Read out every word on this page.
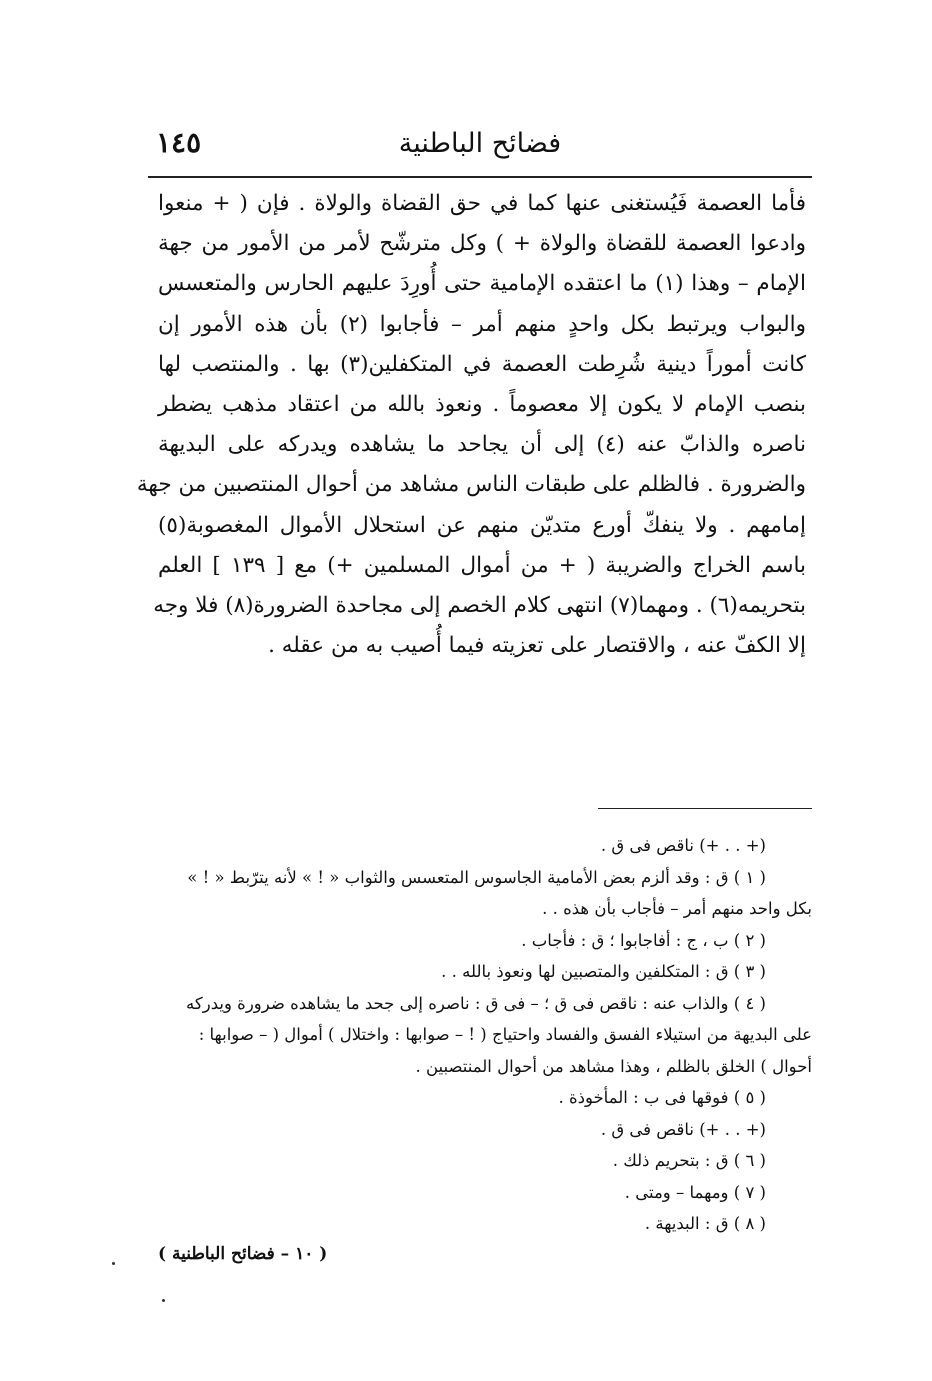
١٤٥	فضائح الباطنية
فأما العصمة فَيُستغنى عنها كما في حق القضاة والولاة . فإن ( + منعوا
وادعوا العصمة للقضاة والولاة + ) وكل مترشّح لأمر من الأمور من جهة
الإمام – وهذا (١) ما اعتقده الإمامية حتى أُورِدَ عليهم الحارس والمتعسس
والبواب ويرتبط بكل واحدٍ منهم أمر – فأجابوا (٢) بأن هذه الأمور إن
كانت أموراً دينية شُرِطت العصمة في المتكفلين(٣) بها . والمنتصب لها
بنصب الإمام لا يكون إلا معصوماً . ونعوذ بالله من اعتقاد مذهب يضطر
ناصره والذابّ عنه (٤) إلى أن يجاحد ما يشاهده ويدركه على البديهة
والضرورة . فالظلم على طبقات الناس مشاهد من أحوال المنتصبين من جهة
إمامهم . ولا ينفكّ أورع متديّن منهم عن استحلال الأموال المغصوبة(٥)
باسم الخراج والضريبة ( + من أموال المسلمين +) مع [ ١٣٩ ] العلم
بتحريمه(٦) . ومهما(٧) انتهى كلام الخصم إلى مجاحدة الضرورة(٨) فلا وجه
إلا الكفّ عنه ، والاقتصار على تعزيته فيما أُصيب به من عقله .
(+ . . +) ناقص فى ق .
( ١ ) ق : وقد ألزم بعض الأمامية الجاسوس المتعسس والثواب « ! » لأنه يترّبط « ! »
بكل واحد منهم أمر – فأجاب بأن هذه . .
( ٢ ) ب ، ج : أفاجابوا ؛ ق : فأجاب .
( ٣ ) ق : المتكلفين والمتصبين لها ونعوذ بالله . .
( ٤ ) والذاب عنه : ناقص فى ق ؛ – فى ق : ناصره إلى جحد ما يشاهده ضرورة ويدركه
على البديهة من استيلاء الفسق والفساد واحتياج ( ! – صوابها : واختلال ) أموال ( – صوابها :
أحوال ) الخلق بالظلم ، وهذا مشاهد من أحوال المنتصبين .
( ٥ ) فوقها فى ب : المأخوذة .
(+ . . +) ناقص فى ق .
( ٦ ) ق : بتحريم ذلك .
( ٧ ) ومهما – ومتى .
( ٨ ) ق : البديهة .
( ١٠ – فضائح الباطنية )
